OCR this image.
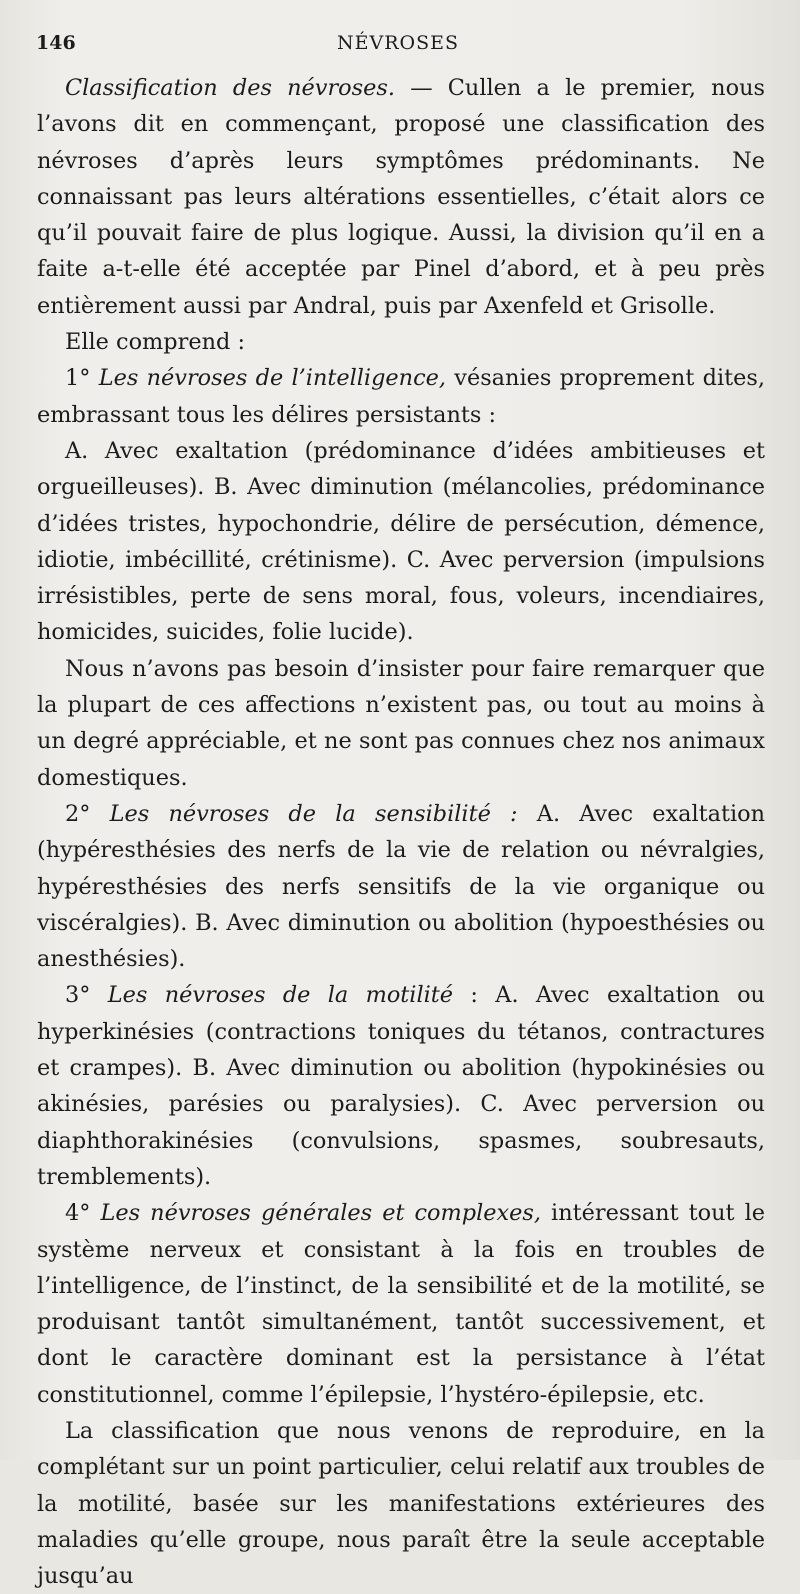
146	NÉVROSES

Classification des névroses. — Cullen a le premier, nous l’avons dit en commençant, proposé une classification des névroses d’après leurs symptômes prédominants. Ne connaissant pas leurs altérations essentielles, c’était alors ce qu’il pouvait faire de plus logique. Aussi, la division qu’il en a faite a-t-elle été acceptée par Pinel d’abord, et à peu près entièrement aussi par Andral, puis par Axenfeld et Grisolle.

Elle comprend :

1° Les névroses de l’intelligence, vésanies proprement dites, embrassant tous les délires persistants :

A. Avec exaltation (prédominance d’idées ambitieuses et orgueilleuses). B. Avec diminution (mélancolies, prédominance d’idées tristes, hypochondrie, délire de persécution, démence, idiotie, imbécillité, crétinisme). C. Avec perversion (impulsions irrésistibles, perte de sens moral, fous, voleurs, incendiaires, homicides, suicides, folie lucide).

Nous n’avons pas besoin d’insister pour faire remarquer que la plupart de ces affections n’existent pas, ou tout au moins à un degré appréciable, et ne sont pas connues chez nos animaux domestiques.

2° Les névroses de la sensibilité : A. Avec exaltation (hypéresthésies des nerfs de la vie de relation ou névralgies, hypéresthésies des nerfs sensitifs de la vie organique ou viscéralgies). B. Avec diminution ou abolition (hypoesthésies ou anesthésies).

3° Les névroses de la motilité : A. Avec exaltation ou hyperkinésies (contractions toniques du tétanos, contractures et crampes). B. Avec diminution ou abolition (hypokinésies ou akinésies, parésies ou paralysies). C. Avec perversion ou diaphthorakinésies (convulsions, spasmes, soubresauts, tremblements).

4° Les névroses générales et complexes, intéressant tout le système nerveux et consistant à la fois en troubles de l’intelligence, de l’instinct, de la sensibilité et de la motilité, se produisant tantôt simultanément, tantôt successivement, et dont le caractère dominant est la persistance à l’état constitutionnel, comme l’épilepsie, l’hystéro-épilepsie, etc.

La classification que nous venons de reproduire, en la complétant sur un point particulier, celui relatif aux troubles de la motilité, basée sur les manifestations extérieures des maladies qu’elle groupe, nous paraît être la seule acceptable jusqu’au
